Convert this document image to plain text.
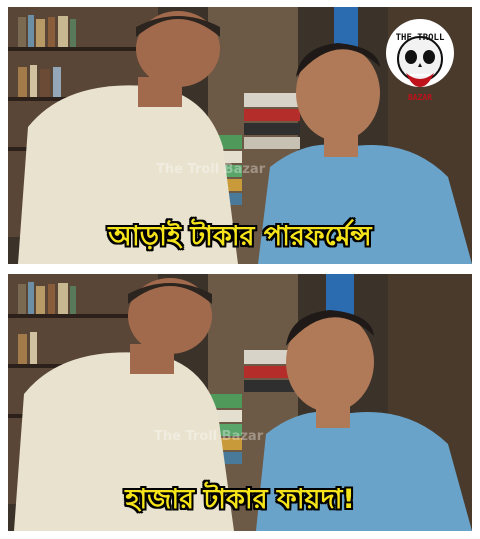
The Troll Bazar
THE TROLL
BAZAR
আড়াই টাকার পারফর্মেন্স
The Troll Bazar
হাজার টাকার ফায়দা!
